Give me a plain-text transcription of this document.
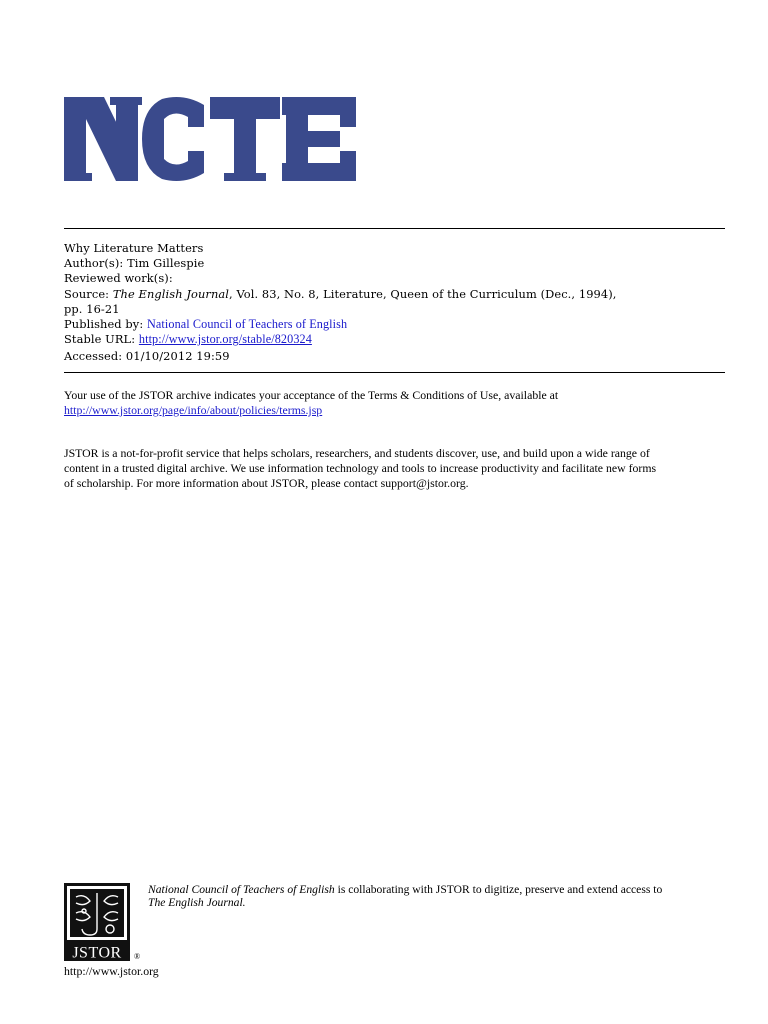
Why Literature Matters
Author(s): Tim Gillespie
Reviewed work(s):
Source: The English Journal, Vol. 83, No. 8, Literature, Queen of the Curriculum (Dec., 1994),
pp. 16-21
Published by: National Council of Teachers of English
Stable URL: http://www.jstor.org/stable/820324
Accessed: 01/10/2012 19:59
Your use of the JSTOR archive indicates your acceptance of the Terms & Conditions of Use, available at
http://www.jstor.org/page/info/about/policies/terms.jsp
JSTOR is a not-for-profit service that helps scholars, researchers, and students discover, use, and build upon a wide range of
content in a trusted digital archive. We use information technology and tools to increase productivity and facilitate new forms
of scholarship. For more information about JSTOR, please contact support@jstor.org.
JSTOR ®
National Council of Teachers of English is collaborating with JSTOR to digitize, preserve and extend access to
The English Journal.
http://www.jstor.org
